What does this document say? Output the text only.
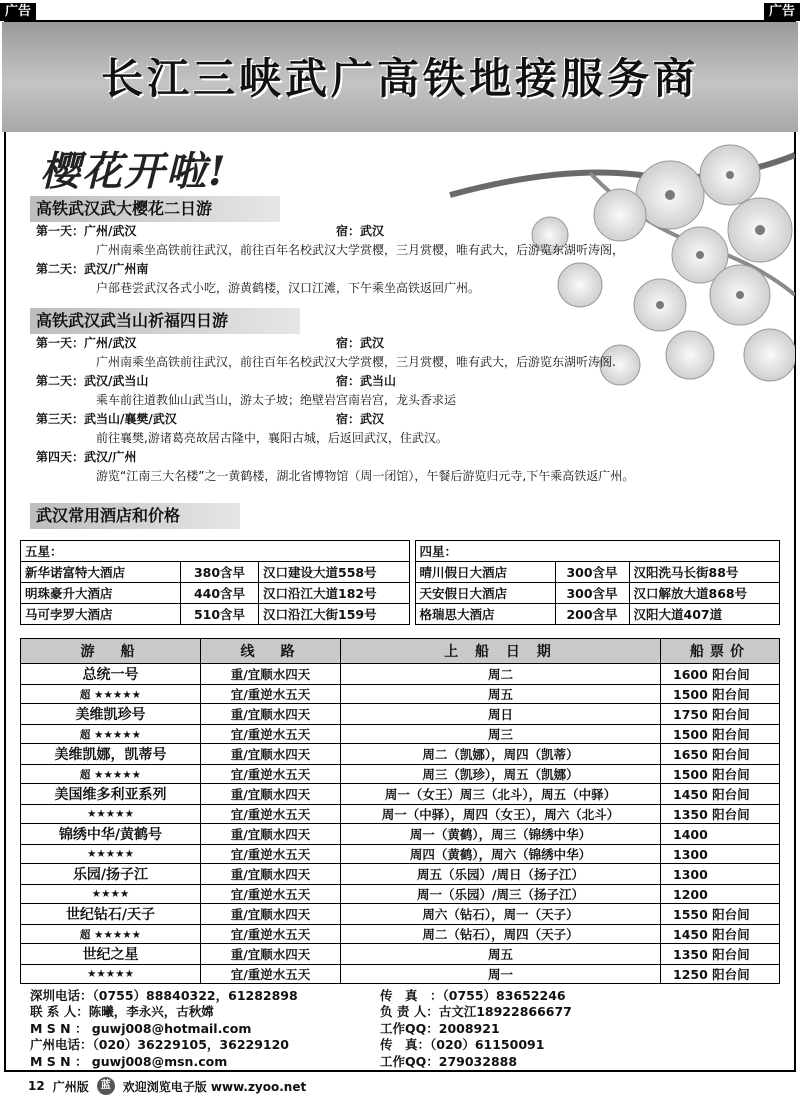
广告	广告
长江三峡武广高铁地接服务商
樱花开啦!
高铁武汉武大樱花二日游
第一天：广州/武汉	宿：武汉
广州南乘坐高铁前往武汉，前往百年名校武汉大学赏樱，三月赏樱，唯有武大，后游览东湖听涛阁，
第二天：武汉/广州南
户部巷尝武汉各式小吃，游黄鹤楼，汉口江滩，下午乘坐高铁返回广州。
高铁武汉武当山祈福四日游
第一天：广州/武汉	宿：武汉
广州南乘坐高铁前往武汉，前往百年名校武汉大学赏樱，三月赏樱，唯有武大，后游览东湖听涛阁.
第二天：武汉/武当山	宿：武当山
乘车前往道教仙山武当山，游太子坡；绝壁岩宫南岩宫，龙头香求运
第三天：武当山/襄樊/武汉	宿：武汉
前往襄樊,游诸葛亮故居古隆中，襄阳古城，后返回武汉，住武汉。
第四天：武汉/广州
游览“江南三大名楼”之一黄鹤楼，湖北省博物馆（周一闭馆），午餐后游览归元寺,下午乘高铁返广州。
武汉常用酒店和价格
五星：				四星：		
新华诺富特大酒店	380含早	汉口建设大道558号		晴川假日大酒店	300含早	汉阳洗马长街88号
明珠豪升大酒店	440含早	汉口沿江大道182号		天安假日大酒店	300含早	汉口解放大道868号
马可孛罗大酒店	510含早	汉口沿江大街159号		格瑞思大酒店	200含早	汉阳大道407道
游　船	线　路	上 船 日 期	船票价
总统一号	重/宜顺水四天	周二	1600 阳台间
超 ★★★★★	宜/重逆水五天	周五	1500 阳台间
美维凯珍号	重/宜顺水四天	周日	1750 阳台间
超 ★★★★★	宜/重逆水五天	周三	1500 阳台间
美维凯娜，凯蒂号	重/宜顺水四天	周二（凯娜），周四（凯蒂）	1650 阳台间
超 ★★★★★	宜/重逆水五天	周三（凯珍），周五（凯娜）	1500 阳台间
美国维多利亚系列	重/宜顺水四天	周一（女王）周三（北斗），周五（中驿）	1450 阳台间
★★★★★	宜/重逆水五天	周一（中驿），周四（女王），周六（北斗）	1350 阳台间
锦绣中华/黄鹤号	重/宜顺水四天	周一（黄鹤），周三（锦绣中华）	1400
★★★★★	宜/重逆水五天	周四（黄鹤），周六（锦绣中华）	1300
乐园/扬子江	重/宜顺水四天	周五（乐园）/周日（扬子江）	1300
★★★★	宜/重逆水五天	周一（乐园）/周三（扬子江）	1200
世纪钻石/天子	重/宜顺水四天	周六（钻石），周一（天子）	1550 阳台间
超 ★★★★★	宜/重逆水五天	周二（钻石），周四（天子）	1450 阳台间
世纪之星	重/宜顺水四天	周五	1350 阳台间
★★★★★	宜/重逆水五天	周一	1250 阳台间
深圳电话：（0755）88840322，61282898	传　真　：（0755）83652246
联 系 人：陈曦，李永兴，古秋嫦	负 责 人：古文江18922866677
M S N ： guwj008@hotmail.com	工作QQ：2008921
广州电话：（020）36229105，36229120	传　真：（020）61150091
M S N ： guwj008@msn.com	工作QQ：279032888
12 广州版	蓝	欢迎浏览电子版 www.zyoo.net
